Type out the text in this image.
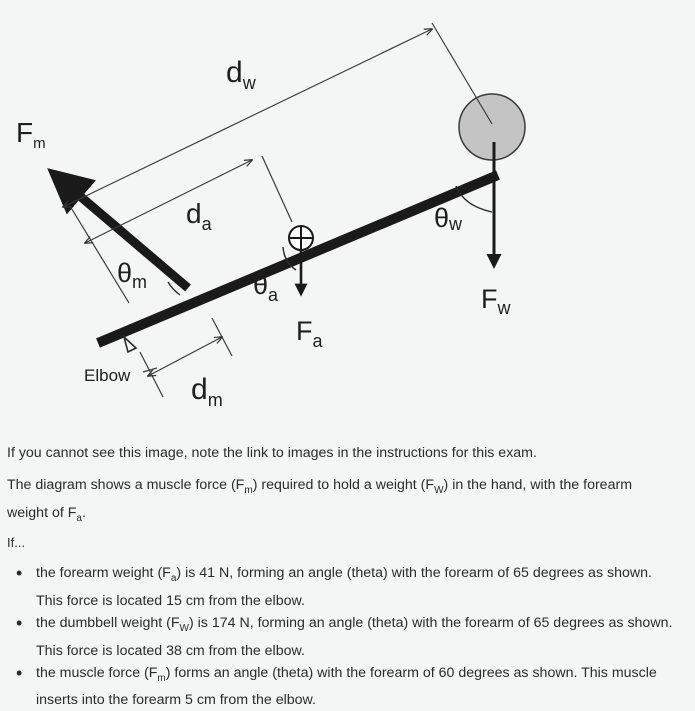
$F_m$
$d_w$
$d_a$
$\theta_m$	$\theta_a$
θw
$F_a$
$F_w$
Elbow $d_m$

If you cannot see this image, note the link to images in the instructions for this exam.

The diagram shows a muscle force $(F_m)$ required to hold a weight $(F_W)$ in the hand, with the forearm weight of $F_a$.

If...

• the forearm weight $(F_a)$ is 41 N, forming an angle (theta) with the forearm of 65 degrees as shown. This force is located 15 cm from the elbow.
• the dumbbell weight $(F_W)$ is 174 N, forming an angle (theta) with the forearm of 65 degrees as shown. This force is located 38 cm from the elbow.
• the muscle force $(F_m)$ forms an angle (theta) with the forearm of 60 degrees as shown. This muscle inserts into the forearm 5 cm from the elbow.
